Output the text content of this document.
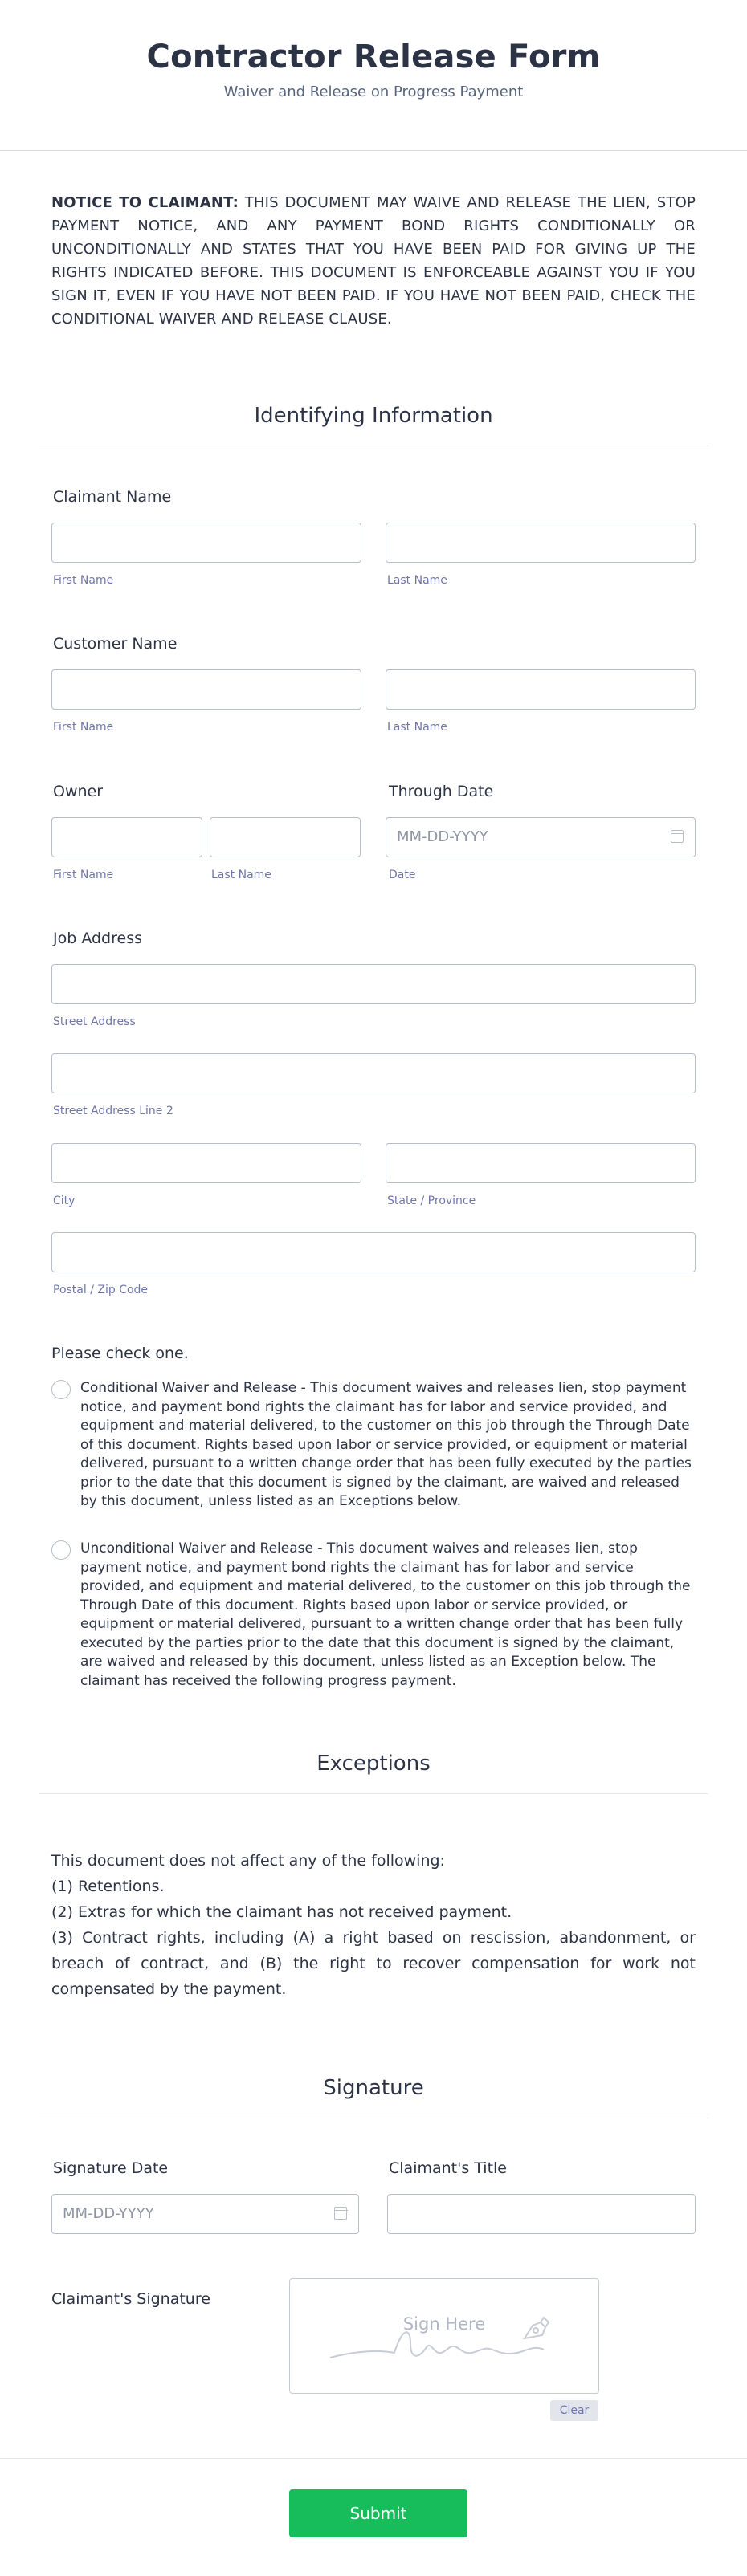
Contractor Release Form
Waiver and Release on Progress Payment

NOTICE TO CLAIMANT: THIS DOCUMENT MAY WAIVE AND RELEASE THE LIEN, STOP PAYMENT NOTICE, AND ANY PAYMENT BOND RIGHTS CONDITIONALLY OR UNCONDITIONALLY AND STATES THAT YOU HAVE BEEN PAID FOR GIVING UP THE RIGHTS INDICATED BEFORE. THIS DOCUMENT IS ENFORCEABLE AGAINST YOU IF YOU SIGN IT, EVEN IF YOU HAVE NOT BEEN PAID. IF YOU HAVE NOT BEEN PAID, CHECK THE CONDITIONAL WAIVER AND RELEASE CLAUSE.

Identifying Information
Claimant Name
First Name	Last Name
Customer Name
First Name	Last Name
Owner
First Name	Last Name
Through Date
MM-DD-YYYY
Date
Job Address
Street Address
Street Address Line 2
City	State / Province
Postal / Zip Code
Please check one.
Conditional Waiver and Release - This document waives and releases lien, stop payment notice, and payment bond rights the claimant has for labor and service provided, and equipment and material delivered, to the customer on this job through the Through Date of this document. Rights based upon labor or service provided, or equipment or material delivered, pursuant to a written change order that has been fully executed by the parties prior to the date that this document is signed by the claimant, are waived and released by this document, unless listed as an Exceptions below.
Unconditional Waiver and Release - This document waives and releases lien, stop payment notice, and payment bond rights the claimant has for labor and service provided, and equipment and material delivered, to the customer on this job through the Through Date of this document. Rights based upon labor or service provided, or equipment or material delivered, pursuant to a written change order that has been fully executed by the parties prior to the date that this document is signed by the claimant, are waived and released by this document, unless listed as an Exception below. The claimant has received the following progress payment.
Exceptions
This document does not affect any of the following:
(1) Retentions.
(2) Extras for which the claimant has not received payment.
(3) Contract rights, including (A) a right based on rescission, abandonment, or breach of contract, and (B) the right to recover compensation for work not compensated by the payment.
Signature
Signature Date
MM-DD-YYYY
Claimant's Title
Claimant's Signature
Sign Here
Clear
Submit
